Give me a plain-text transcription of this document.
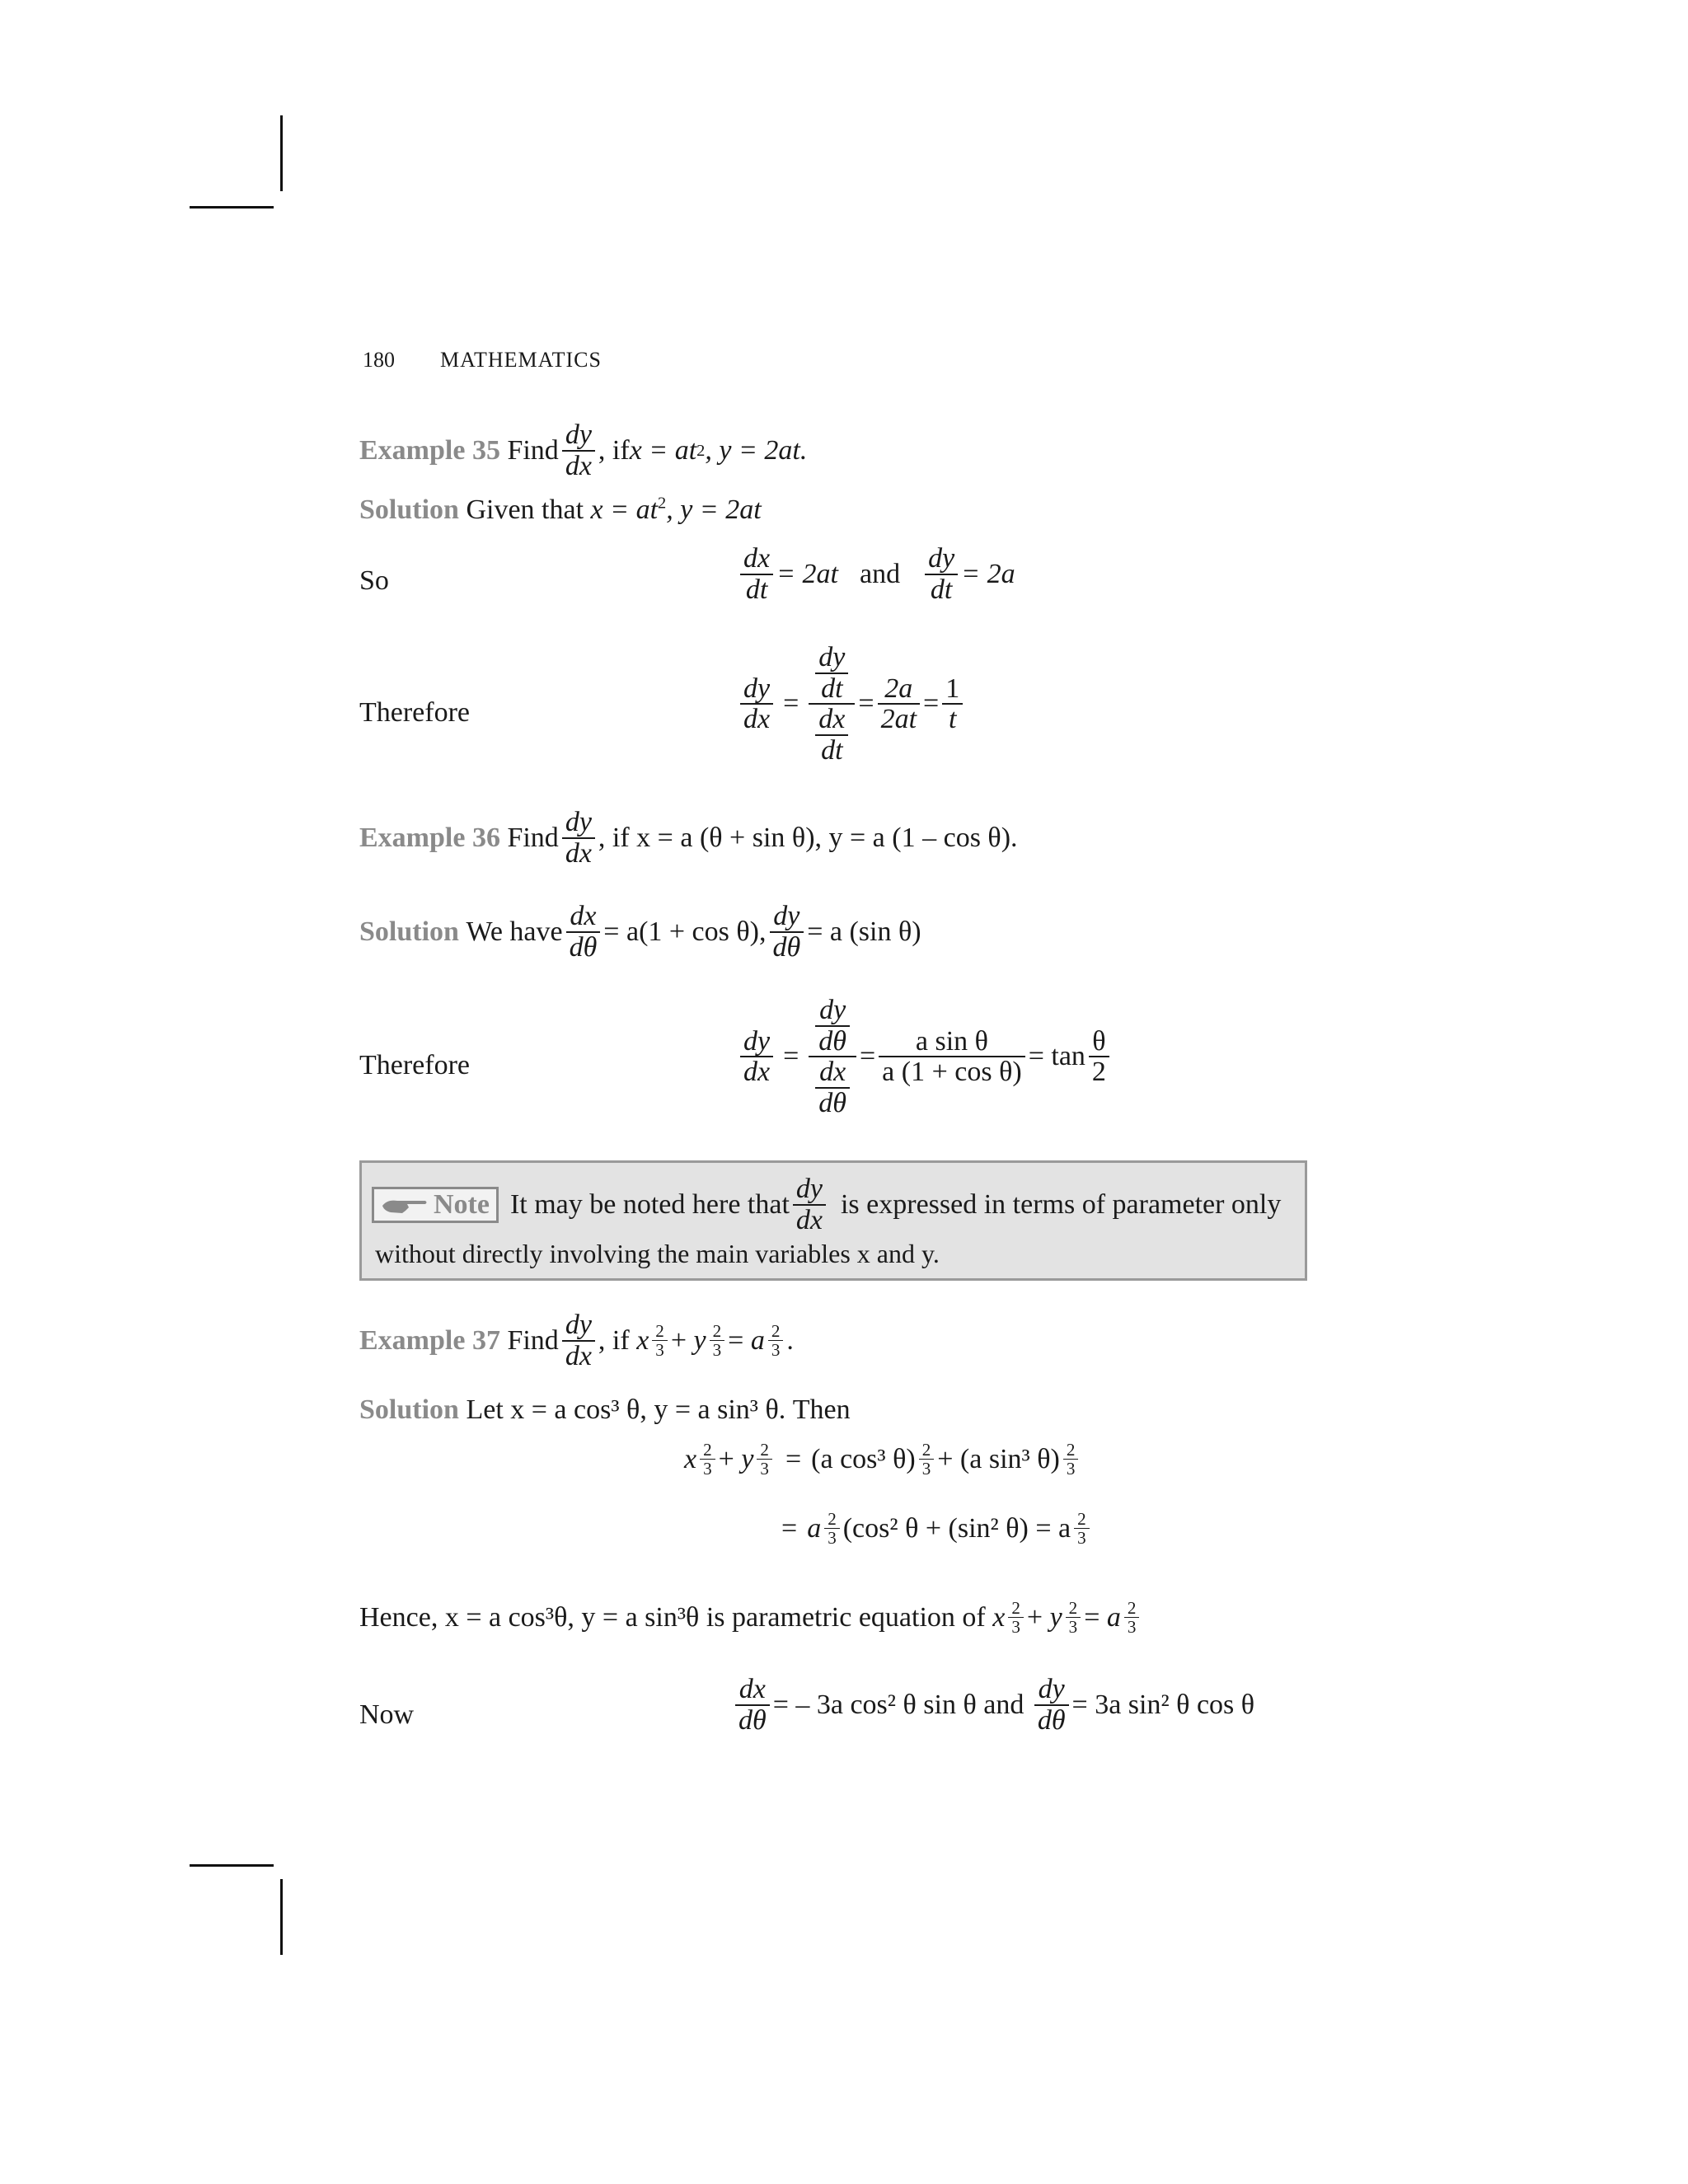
180 MATHEMATICS
Example 35
Find $\frac{dy}{dx}$ , if x = at 2 , y = 2at.
Solution Given that $x = at^2$, y = 2at
So	$\frac{dx}{dt} = 2at$ and $\frac{dy}{dt} = 2a$
Therefore	$\frac{dy}{dx} = \frac{\frac{dy}{dt}}{\frac{dx}{dt}} = \frac{2a}{2at} = \frac{1}{t}$
Example 36
Find $\frac{dy}{dx}$ , if x = a (θ + sin θ), y = a (1 – cos θ).
Solution
We have $\frac{dx}{d\theta} = a(1 + \cos \theta)$, $\frac{dy}{d\theta} = a$ (sin θ)
Therefore	$\frac{dy}{dx} = \frac{\frac{dy}{d\theta}}{\frac{dx}{d\theta}} = \frac{\text{a sin θ}}{\text{a (1 + cos θ)}} = \tan \frac{\theta}{2}$
Note It may be noted here that $\frac{dy}{dx}$ is expressed in terms of parameter only
without directly involving the main variables x and y.
Example 37
Find $\frac{dy}{dx}$ , if
x $\frac{2}{3}$ +
y $\frac{2}{3}$ =
a $\frac{2}{3}$ .
Solution Let x = a cos³ θ, y = a sin³ θ. Then
x $\frac{2}{3}$ +
y $\frac{2}{3} = (a$ cos³ $\theta) \frac{2}{3} + (a$ sin³ $\theta) \frac{2}{3}$
= a $\frac{2}{3} (\cos^2$ θ + (sin² θ) = a $\frac{2}{3}$
Hence, x = a cos³θ, y = a sin³θ is parametric equation of
x $\frac{2}{3}$ +
y $\frac{2}{3}$ =
a $\frac{2}{3}$
Now	$\frac{dx}{d\theta}$ = – 3a cos² θ sin θ and
$\frac{dy}{d\theta} = 3a$ sin² θ cos θ
